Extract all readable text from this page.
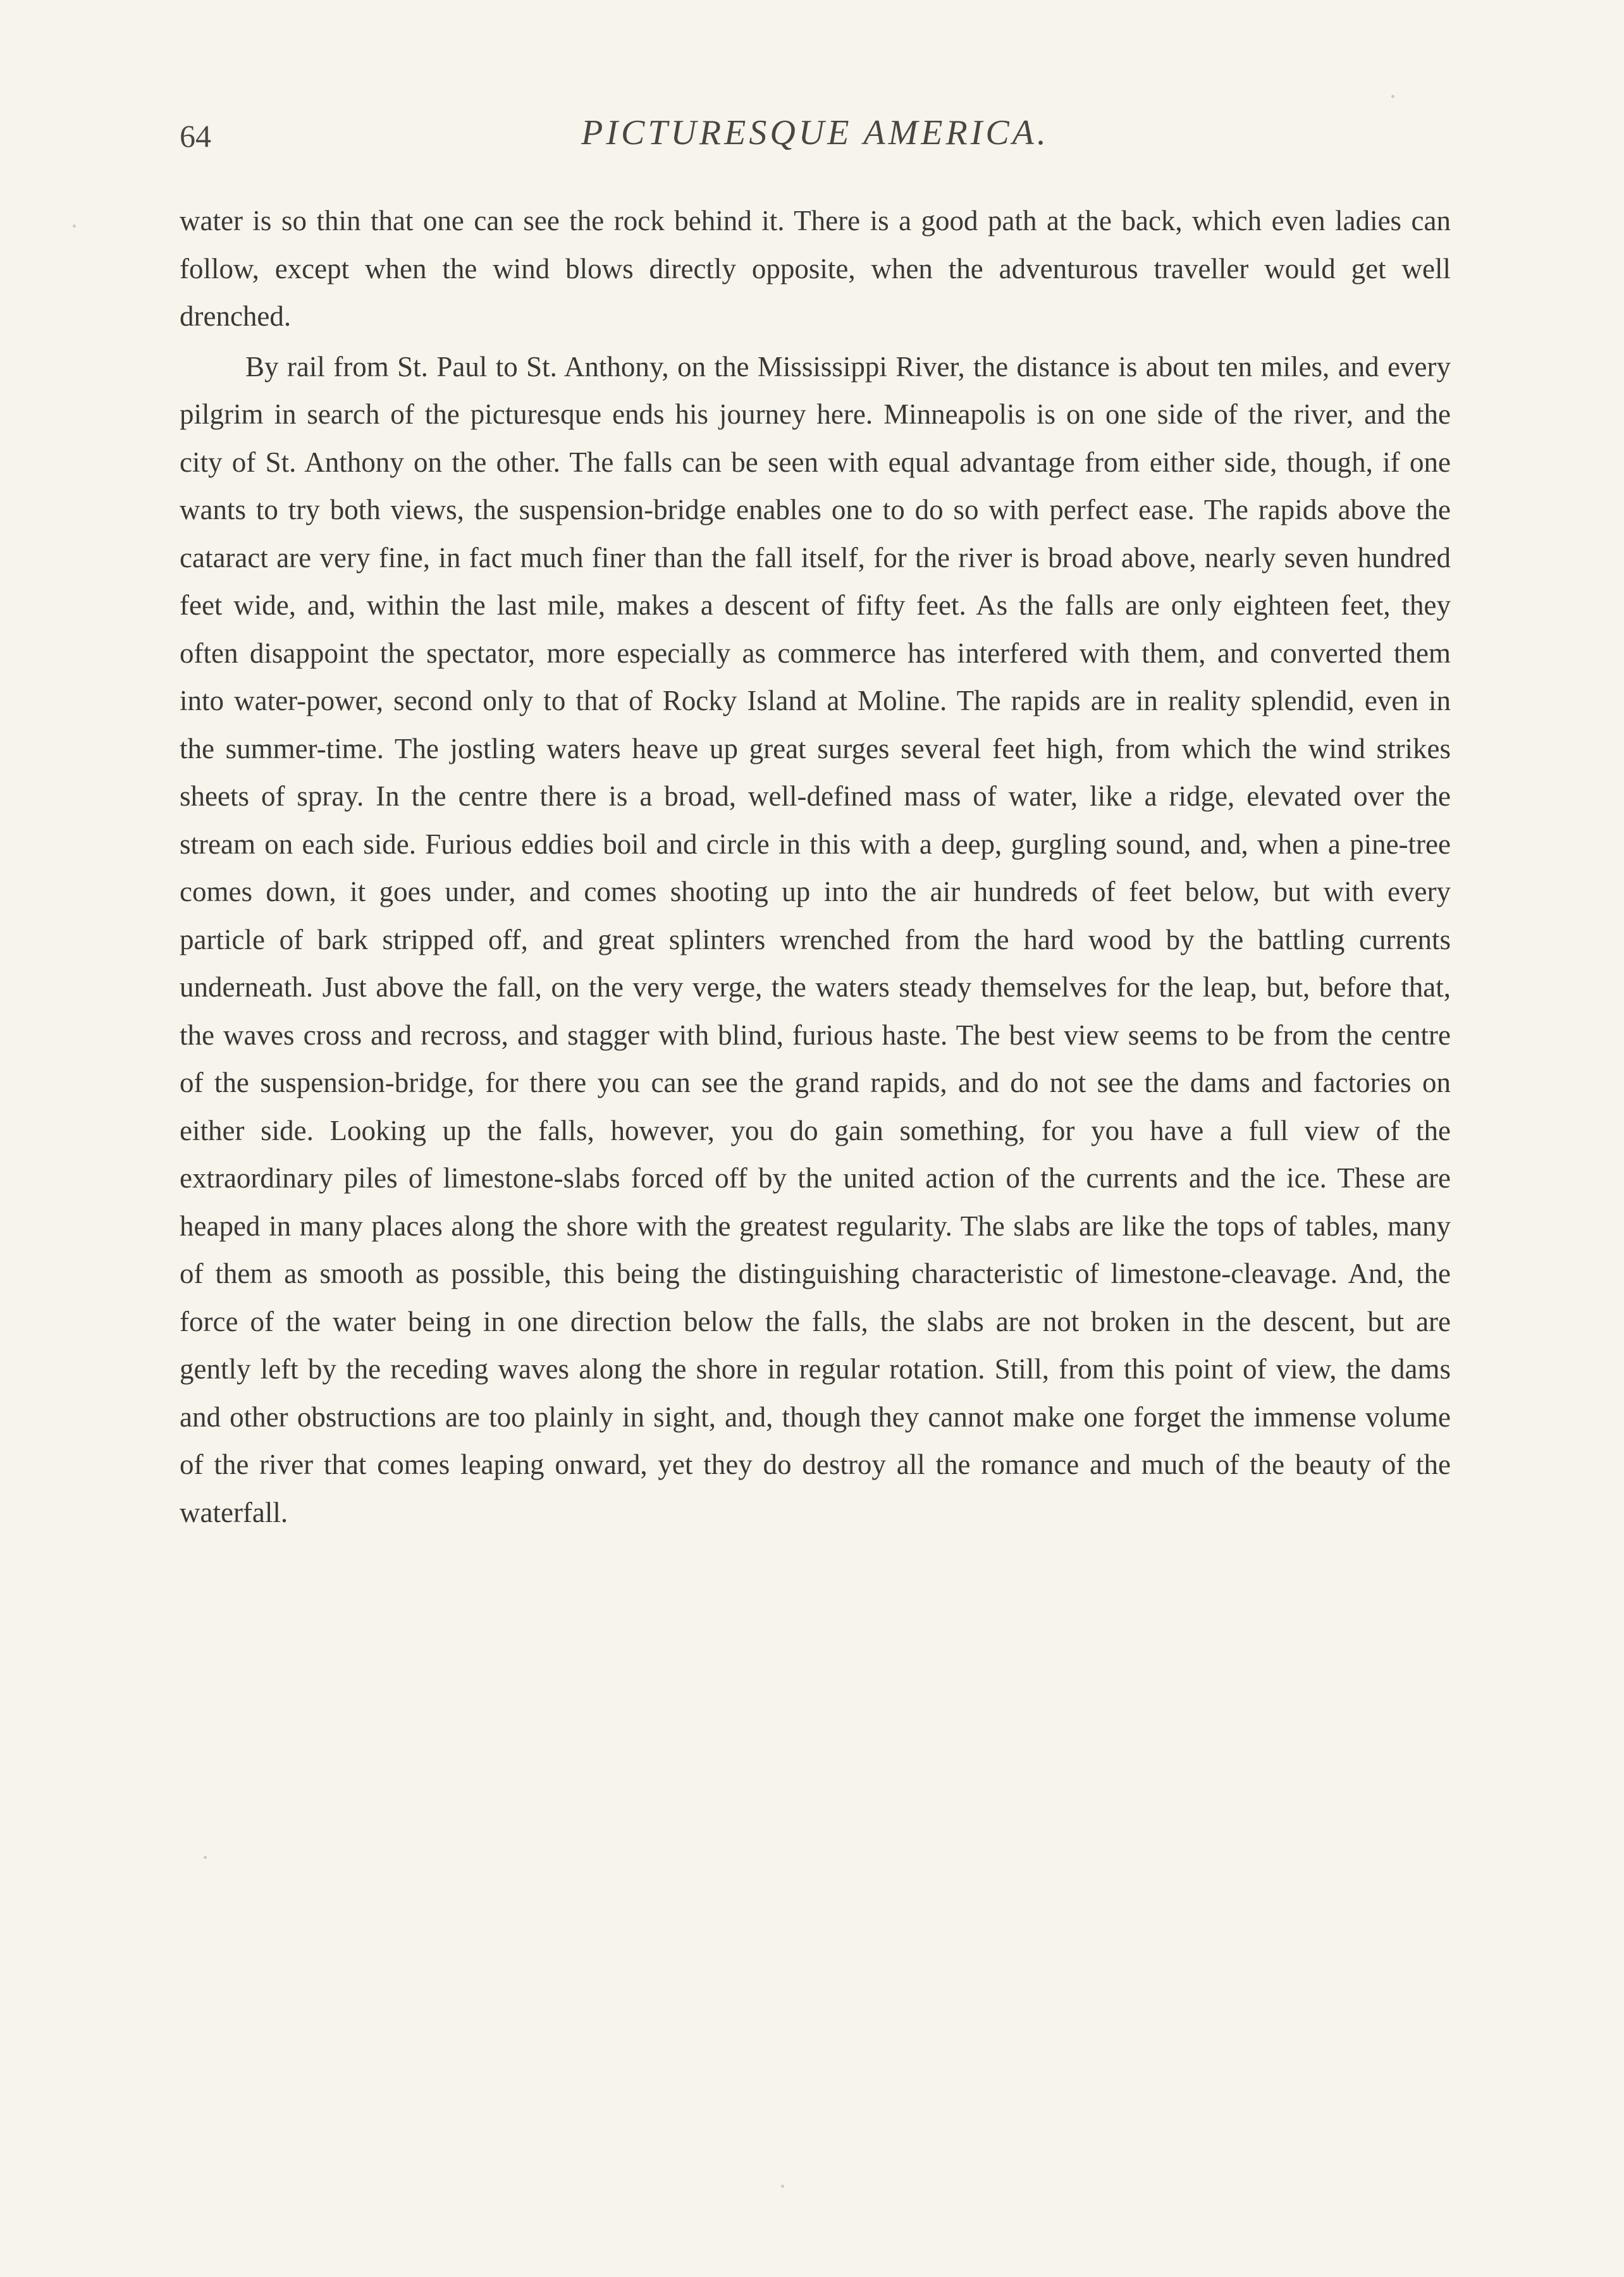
64	PICTURESQUE AMERICA.

water is so thin that one can see the rock behind it. There is a good path at the back, which even ladies can follow, except when the wind blows directly opposite, when the adventurous traveller would get well drenched.

By rail from St. Paul to St. Anthony, on the Mississippi River, the distance is about ten miles, and every pilgrim in search of the picturesque ends his journey here. Minneapolis is on one side of the river, and the city of St. Anthony on the other. The falls can be seen with equal advantage from either side, though, if one wants to try both views, the suspension-bridge enables one to do so with perfect ease. The rapids above the cataract are very fine, in fact much finer than the fall itself, for the river is broad above, nearly seven hundred feet wide, and, within the last mile, makes a descent of fifty feet. As the falls are only eighteen feet, they often disappoint the spectator, more especially as commerce has interfered with them, and converted them into water-power, second only to that of Rocky Island at Moline. The rapids are in reality splendid, even in the summer-time. The jostling waters heave up great surges several feet high, from which the wind strikes sheets of spray. In the centre there is a broad, well-defined mass of water, like a ridge, elevated over the stream on each side. Furious eddies boil and circle in this with a deep, gurgling sound, and, when a pine-tree comes down, it goes under, and comes shooting up into the air hundreds of feet below, but with every particle of bark stripped off, and great splinters wrenched from the hard wood by the battling currents underneath. Just above the fall, on the very verge, the waters steady themselves for the leap, but, before that, the waves cross and recross, and stagger with blind, furious haste. The best view seems to be from the centre of the suspension-bridge, for there you can see the grand rapids, and do not see the dams and factories on either side. Looking up the falls, however, you do gain something, for you have a full view of the extraordinary piles of limestone-slabs forced off by the united action of the currents and the ice. These are heaped in many places along the shore with the greatest regularity. The slabs are like the tops of tables, many of them as smooth as possible, this being the distinguishing characteristic of limestone-cleavage. And, the force of the water being in one direction below the falls, the slabs are not broken in the descent, but are gently left by the receding waves along the shore in regular rotation. Still, from this point of view, the dams and other obstructions are too plainly in sight, and, though they cannot make one forget the immense volume of the river that comes leaping onward, yet they do destroy all the romance and much of the beauty of the waterfall.
